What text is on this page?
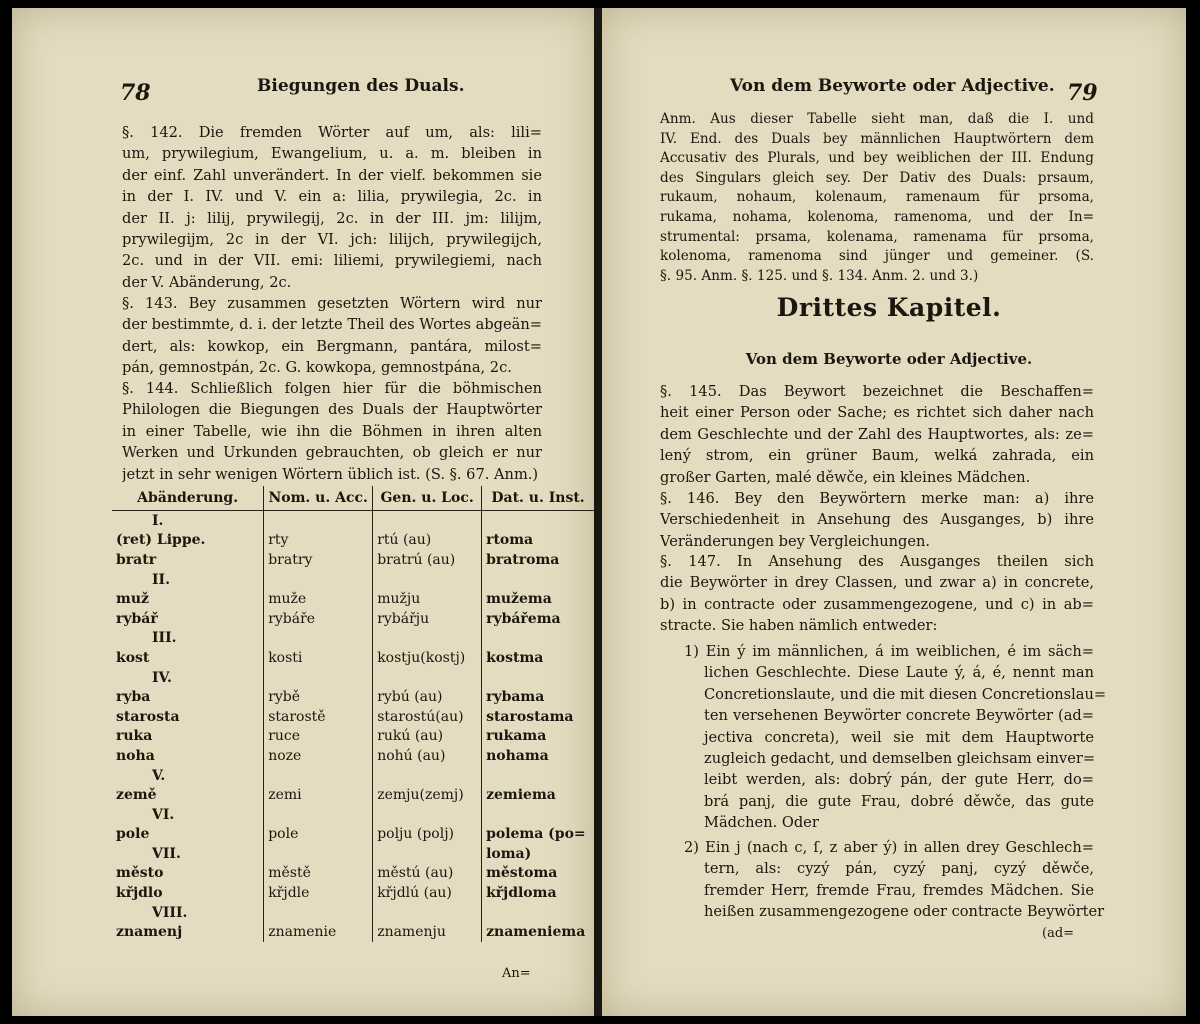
78	Biegungen des Duals.
§. 142. Die fremden Wörter auf um, als: lili=
um, prywilegium, Ewangelium, u. a. m. bleiben in
der einf. Zahl unverändert. In der vielf. bekommen sie
in der I. IV. und V. ein a: lilia, prywilegia, 2c. in
der II. j: lilij, prywilegij, 2c. in der III. jm: lilijm,
prywilegijm, 2c in der VI. jch: lilijch, prywilegijch,
2c. und in der VII. emi: liliemi, prywilegiemi, nach
der V. Abänderung, 2c.
§. 143. Bey zusammen gesetzten Wörtern wird nur
der bestimmte, d. i. der letzte Theil des Wortes abgeän=
dert, als: kowkop, ein Bergmann, pantára, milost=
pán, gemnostpán, 2c. G. kowkopa, gemnostpána, 2c.
§. 144. Schließlich folgen hier für die böhmischen
Philologen die Biegungen des Duals der Hauptwörter
in einer Tabelle, wie ihn die Böhmen in ihren alten
Werken und Urkunden gebrauchten, ob gleich er nur
jetzt in sehr wenigen Wörtern üblich ist. (S. §. 67. Anm.)
Abänderung.	Nom. u. Acc.	Gen. u. Loc.	Dat. u. Inst.
I.			
(ret) Lippe.	rty	rtú (au)	rtoma
bratr	bratry	bratrú (au)	bratroma
II.			
muž	muže	mužju	mužema
rybář	rybáře	rybářju	rybářema
III.			
kost	kosti	kostju(kostj)	kostma
IV.			
ryba	rybě	rybú (au)	rybama
starosta	starostě	starostú(au)	starostama
ruka	ruce	rukú (au)	rukama
noha	noze	nohú (au)	nohama
V.			
země	zemi	zemju(zemj)	zemiema
VI.			
pole	pole	polju (polj)	polema (po=
VII.			loma)
město	městě	městú (au)	městoma
křjdlo	křjdle	křjdlú (au)	křjdloma
VIII.			
znamenj	znamenie	znamenju	znameniema
An=
Von dem Beyworte oder Adjective. 79
Anm. Aus dieser Tabelle sieht man, daß die I. und
IV. End. des Duals bey männlichen Hauptwörtern dem
Accusativ des Plurals, und bey weiblichen der III. Endung
des Singulars gleich sey. Der Dativ des Duals: prsaum,
rukaum, nohaum, kolenaum, ramenaum für prsoma,
rukama, nohama, kolenoma, ramenoma, und der In=
strumental: prsama, kolenama, ramenama für prsoma,
kolenoma, ramenoma sind jünger und gemeiner. (S.
§. 95. Anm. §. 125. und §. 134. Anm. 2. und 3.)
Drittes Kapitel.
Von dem Beyworte oder Adjective.
§. 145. Das Beywort bezeichnet die Beschaffen=
heit einer Person oder Sache; es richtet sich daher nach
dem Geschlechte und der Zahl des Hauptwortes, als: ze=
lený strom, ein grüner Baum, welká zahrada, ein
großer Garten, malé děwče, ein kleines Mädchen.
§. 146. Bey den Beywörtern merke man: a) ihre
Verschiedenheit in Ansehung des Ausganges, b) ihre
Veränderungen bey Vergleichungen.
§. 147. In Ansehung des Ausganges theilen sich
die Beywörter in drey Classen, und zwar a) in concrete,
b) in contracte oder zusammengezogene, und c) in ab=
stracte. Sie haben nämlich entweder:
1) Ein ý im männlichen, á im weiblichen, é im säch=
lichen Geschlechte. Diese Laute ý, á, é, nennt man
Concretionslaute, und die mit diesen Concretionslau=
ten versehenen Beywörter concrete Beywörter (ad=
jectiva concreta), weil sie mit dem Hauptworte
zugleich gedacht, und demselben gleichsam einver=
leibt werden, als: dobrý pán, der gute Herr, do=
brá panj, die gute Frau, dobré děwče, das gute
Mädchen. Oder
2) Ein j (nach c, ſ, z aber ý) in allen drey Geschlech=
tern, als: cyzý pán, cyzý panj, cyzý děwče,
fremder Herr, fremde Frau, fremdes Mädchen. Sie
heißen zusammengezogene oder contracte Beywörter
(ad=
